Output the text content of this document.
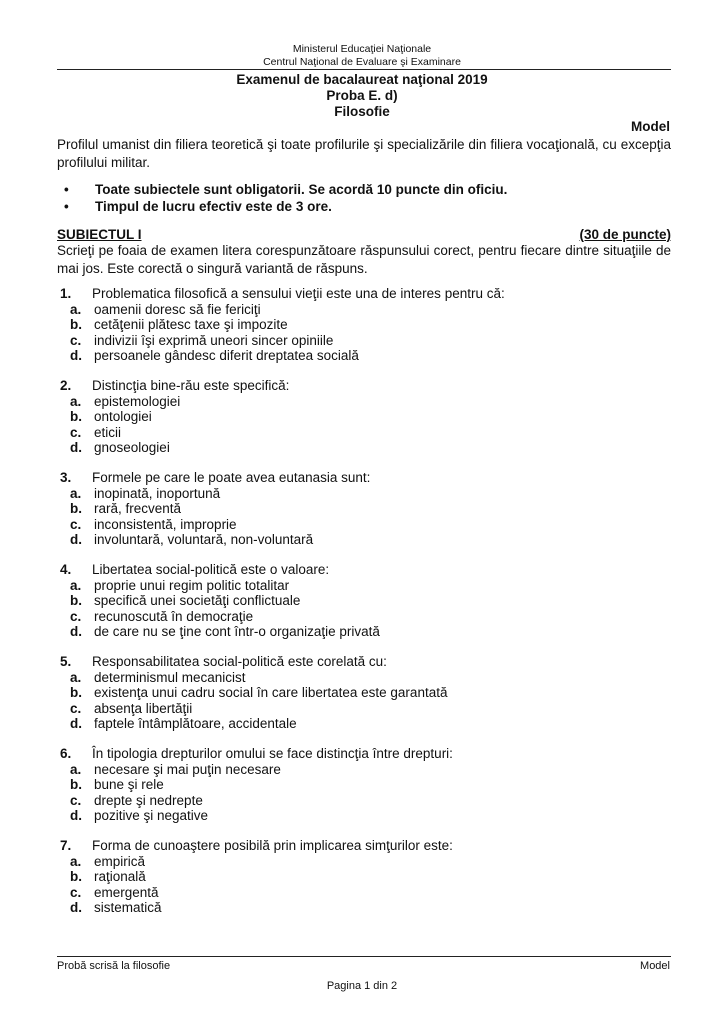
Ministerul Educaţiei Naţionale
Centrul Naţional de Evaluare şi Examinare
Examenul de bacalaureat naţional 2019
Proba E. d)
Filosofie
Model
Profilul umanist din filiera teoretică şi toate profilurile şi specializările din filiera vocaţională, cu excepţia profilului militar.
• Toate subiectele sunt obligatorii. Se acordă 10 puncte din oficiu.
• Timpul de lucru efectiv este de 3 ore.
SUBIECTUL I	(30 de puncte)
Scrieţi pe foaia de examen litera corespunzătoare răspunsului corect, pentru fiecare dintre situaţiile de mai jos. Este corectă o singură variantă de răspuns.
1. Problematica filosofică a sensului vieţii este una de interes pentru că:
a. oamenii doresc să fie fericiţi
b. cetăţenii plătesc taxe şi impozite
c. indivizii îşi exprimă uneori sincer opiniile
d. persoanele gândesc diferit dreptatea socială
2. Distincţia bine-rău este specifică:
a. epistemologiei
b. ontologiei
c. eticii
d. gnoseologiei
3. Formele pe care le poate avea eutanasia sunt:
a. inopinată, inoportună
b. rară, frecventă
c. inconsistentă, improprie
d. involuntară, voluntară, non-voluntară
4. Libertatea social-politică este o valoare:
a. proprie unui regim politic totalitar
b. specifică unei societăţi conflictuale
c. recunoscută în democraţie
d. de care nu se ţine cont într-o organizaţie privată
5. Responsabilitatea social-politică este corelată cu:
a. determinismul mecanicist
b. existenţa unui cadru social în care libertatea este garantată
c. absenţa libertăţii
d. faptele întâmplătoare, accidentale
6. În tipologia drepturilor omului se face distincţia între drepturi:
a. necesare şi mai puţin necesare
b. bune şi rele
c. drepte şi nedrepte
d. pozitive şi negative
7. Forma de cunoaştere posibilă prin implicarea simţurilor este:
a. empirică
b. raţională
c. emergentă
d. sistematică
Probă scrisă la filosofie	Model
Pagina 1 din 2
